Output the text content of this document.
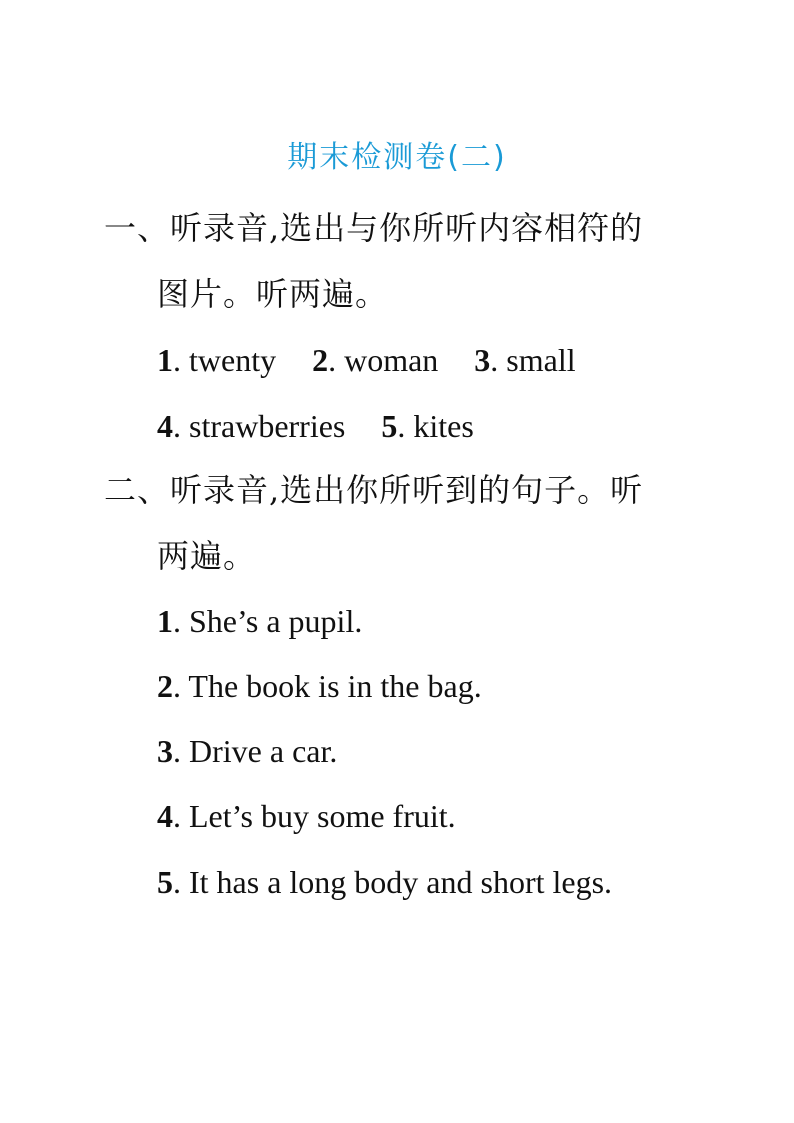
期末检测卷(二)
一、听录音,选出与你所听内容相符的
图片。听两遍。
1. twenty 2. woman 3. small
4. strawberries 5. kites
二、听录音,选出你所听到的句子。听
两遍。
1. She’s a pupil.
2. The book is in the bag.
3. Drive a car.
4. Let’s buy some fruit.
5. It has a long body and short legs.
